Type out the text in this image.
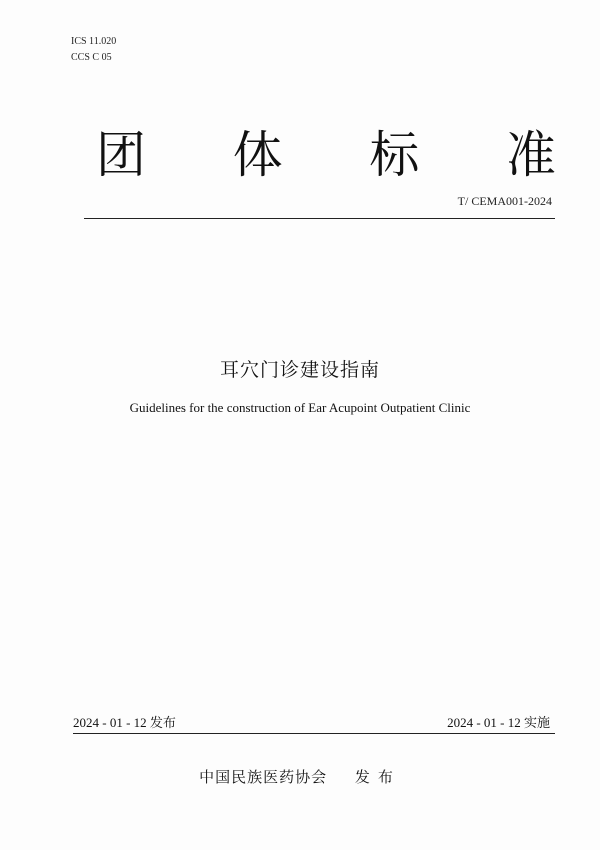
ICS 11.020
CCS C 05
团 体 标 准
T/ CEMA001-2024
耳穴门诊建设指南
Guidelines for the construction of Ear Acupoint Outpatient Clinic
2024 - 01 - 12 发布	2024 - 01 - 12 实施
中国民族医药协会 发布
